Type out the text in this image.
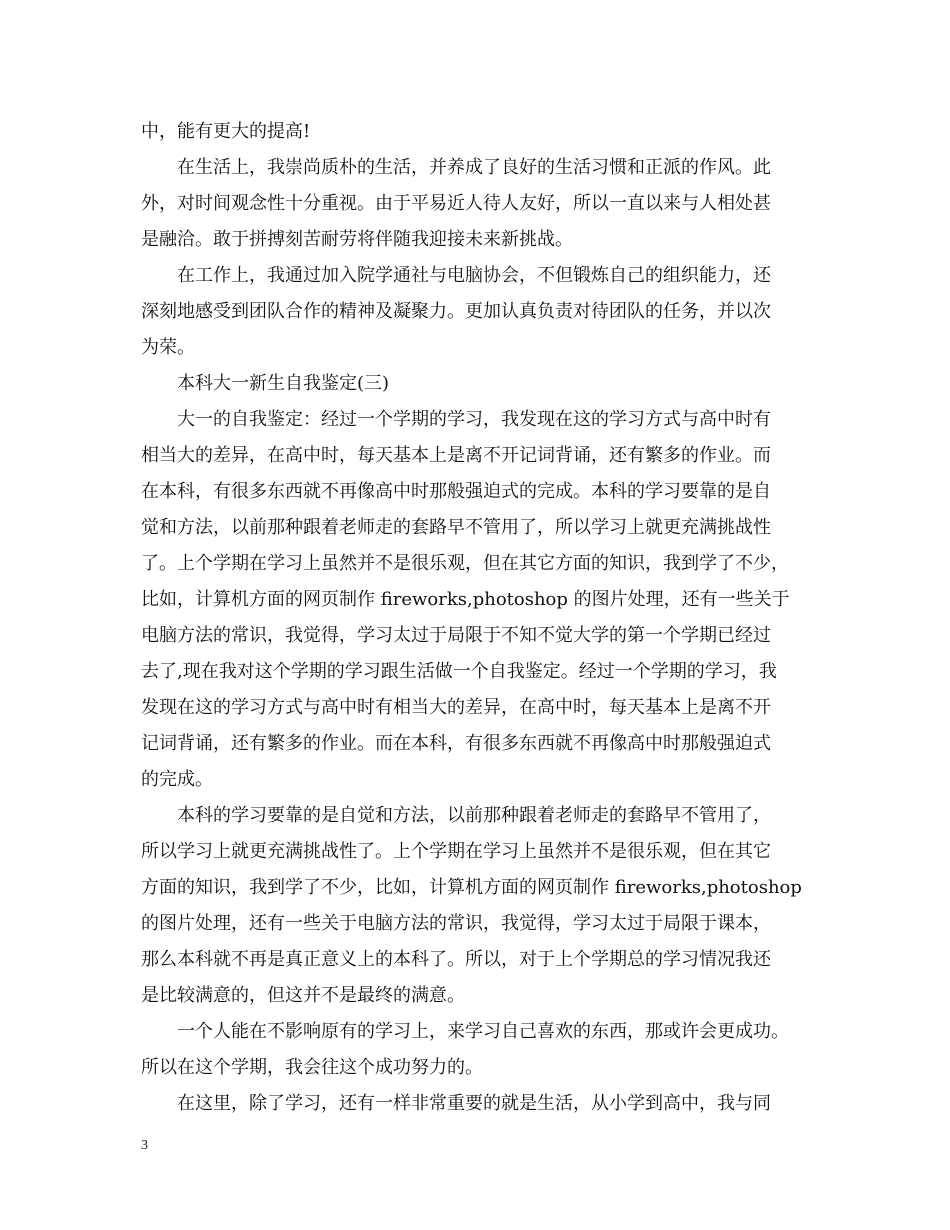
中，能有更大的提高!
在生活上，我崇尚质朴的生活，并养成了良好的生活习惯和正派的作风。此
外，对时间观念性十分重视。由于平易近人待人友好，所以一直以来与人相处甚
是融洽。敢于拼搏刻苦耐劳将伴随我迎接未来新挑战。
在工作上，我通过加入院学通社与电脑协会，不但锻炼自己的组织能力，还
深刻地感受到团队合作的精神及凝聚力。更加认真负责对待团队的任务，并以次
为荣。
本科大一新生自我鉴定(三)
大一的自我鉴定：经过一个学期的学习，我发现在这的学习方式与高中时有
相当大的差异，在高中时，每天基本上是离不开记词背诵，还有繁多的作业。而
在本科，有很多东西就不再像高中时那般强迫式的完成。本科的学习要靠的是自
觉和方法，以前那种跟着老师走的套路早不管用了，所以学习上就更充满挑战性
了。上个学期在学习上虽然并不是很乐观，但在其它方面的知识，我到学了不少，
比如，计算机方面的网页制作 fireworks,photoshop 的图片处理，还有一些关于
电脑方法的常识，我觉得，学习太过于局限于不知不觉大学的第一个学期已经过
去了,现在我对这个学期的学习跟生活做一个自我鉴定。经过一个学期的学习，我
发现在这的学习方式与高中时有相当大的差异，在高中时，每天基本上是离不开
记词背诵，还有繁多的作业。而在本科，有很多东西就不再像高中时那般强迫式
的完成。
本科的学习要靠的是自觉和方法，以前那种跟着老师走的套路早不管用了，
所以学习上就更充满挑战性了。上个学期在学习上虽然并不是很乐观，但在其它
方面的知识，我到学了不少，比如，计算机方面的网页制作 fireworks,photoshop
的图片处理，还有一些关于电脑方法的常识，我觉得，学习太过于局限于课本，
那么本科就不再是真正意义上的本科了。所以，对于上个学期总的学习情况我还
是比较满意的，但这并不是最终的满意。
一个人能在不影响原有的学习上，来学习自己喜欢的东西，那或许会更成功。
所以在这个学期，我会往这个成功努力的。
在这里，除了学习，还有一样非常重要的就是生活，从小学到高中，我与同
3
